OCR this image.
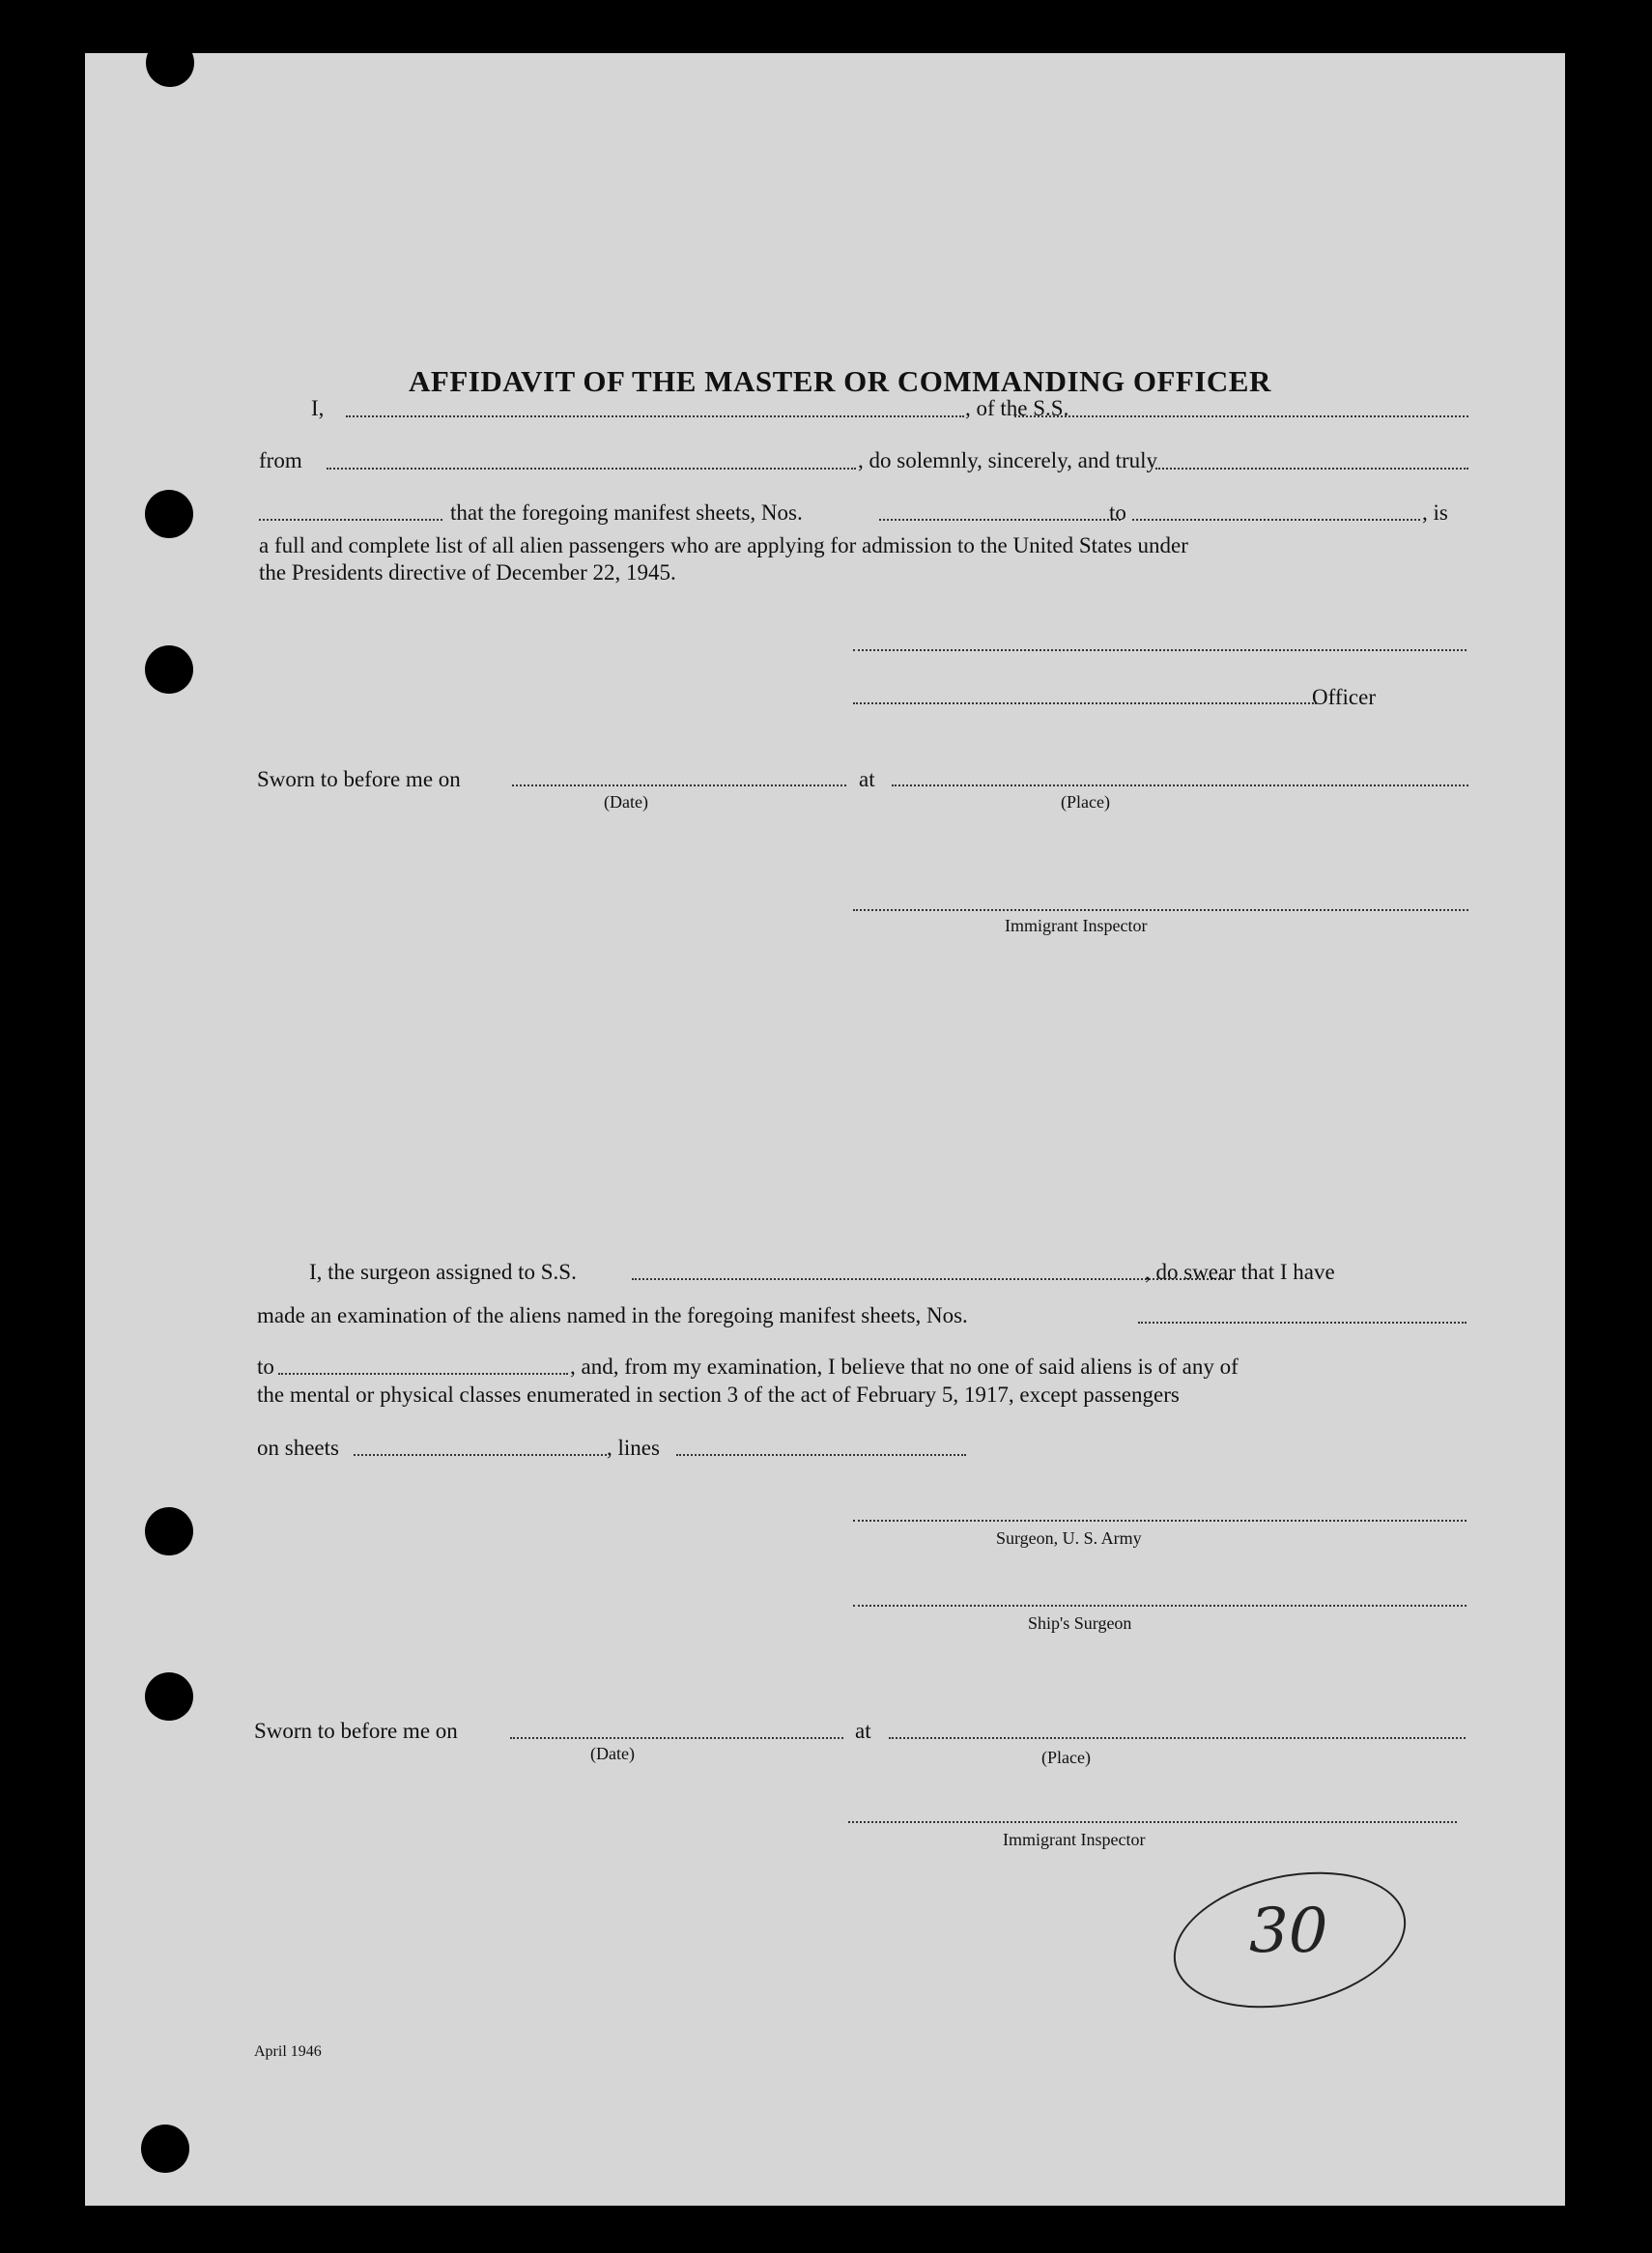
AFFIDAVIT OF THE MASTER OR COMMANDING OFFICER
I,	, of the S.S.
from	, do solemnly, sincerely, and truly
that the foregoing manifest sheets, Nos.	to	, is
a full and complete list of all alien passengers who are applying for admission to the United States under
the Presidents directive of December 22, 1945.
Officer
Sworn to before me on	at
(Date)	(Place)
Immigrant Inspector
I, the surgeon assigned to S.S.	, do swear that I have
made an examination of the aliens named in the foregoing manifest sheets, Nos.
to	, and, from my examination, I believe that no one of said aliens is of any of
the mental or physical classes enumerated in section 3 of the act of February 5, 1917, except passengers
on sheets	, lines
Surgeon, U. S. Army
Ship's Surgeon
Sworn to before me on	at
(Date)	(Place)
Immigrant Inspector
30
April 1946
